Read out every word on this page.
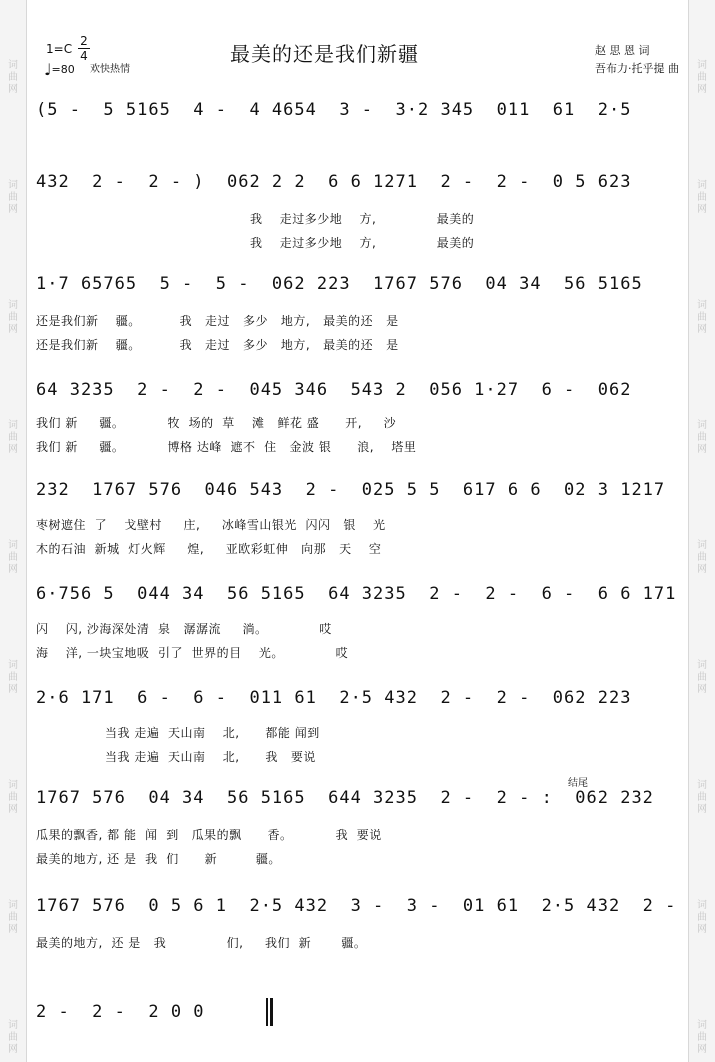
词
曲
网
词
曲
网
词
曲
网
词
曲
网
词
曲
网
词
曲
网
词
曲
网
词
曲
网
词
曲
网
词
曲
网
词
曲
网
词
曲
网
词
曲
网
词
曲
网
词
曲
网
词
曲
网
词
曲
网
词
曲
网
1=C
2
4
♩=80 欢快热情
最美的还是我们新疆	赵 思 恩 词
吾布力·托乎提 曲
(5 -  5 5165  4 -  4 4654  3 -  3·2 345  011  61  2·5
432  2 -  2 - )  062 2 2  6 6 1271  2 -  2 -  0 5 623
我    走过多少地    方,              最美的
我    走过多少地    方,              最美的
1·7 65765  5 -  5 -  062 223  1767 576  04 34  56 5165
还是我们新    疆。         我   走过   多少   地方,   最美的还   是
还是我们新    疆。         我   走过   多少   地方,   最美的还   是
64 3235  2 -  2 -  045 346  543 2  056 1·27  6 -  062
我们 新     疆。          牧  场的  草    滩   鲜花 盛      开,     沙
我们 新     疆。          博格 达峰  遮不  住   金波 银      浪,    塔里
232  1767 576  046 543  2 -  025 5 5  617 6 6  02 3 1217
枣树遮住  了    戈壁村     庄,     冰峰雪山银光  闪闪   银    光
木的石油  新城  灯火辉     煌,     亚欧彩虹伸   向那   天    空
6·756 5  044 34  56 5165  64 3235  2 -  2 -  6 -  6 6 171
闪    闪, 沙海深处清  泉   潺潺流     淌。            哎
海    洋, 一块宝地吸  引了  世界的目    光。            哎
2·6 171  6 -  6 -  011 61  2·5 432  2 -  2 -  062 223
当我 走遍  天山南    北,      都能 闻到
当我 走遍  天山南    北,      我   要说
1767 576  04 34  56 5165  644 3235  2 -  2 - :  062 232
结尾
瓜果的飘香, 都 能  闻  到   瓜果的飘      香。          我  要说
最美的地方, 还 是  我  们      新         疆。
1767 576  0 5 6 1  2·5 432  3 -  3 -  01 61  2·5 432  2 -
最美的地方,  还 是   我              们,     我们  新       疆。
2 -  2 -  2 0 0
